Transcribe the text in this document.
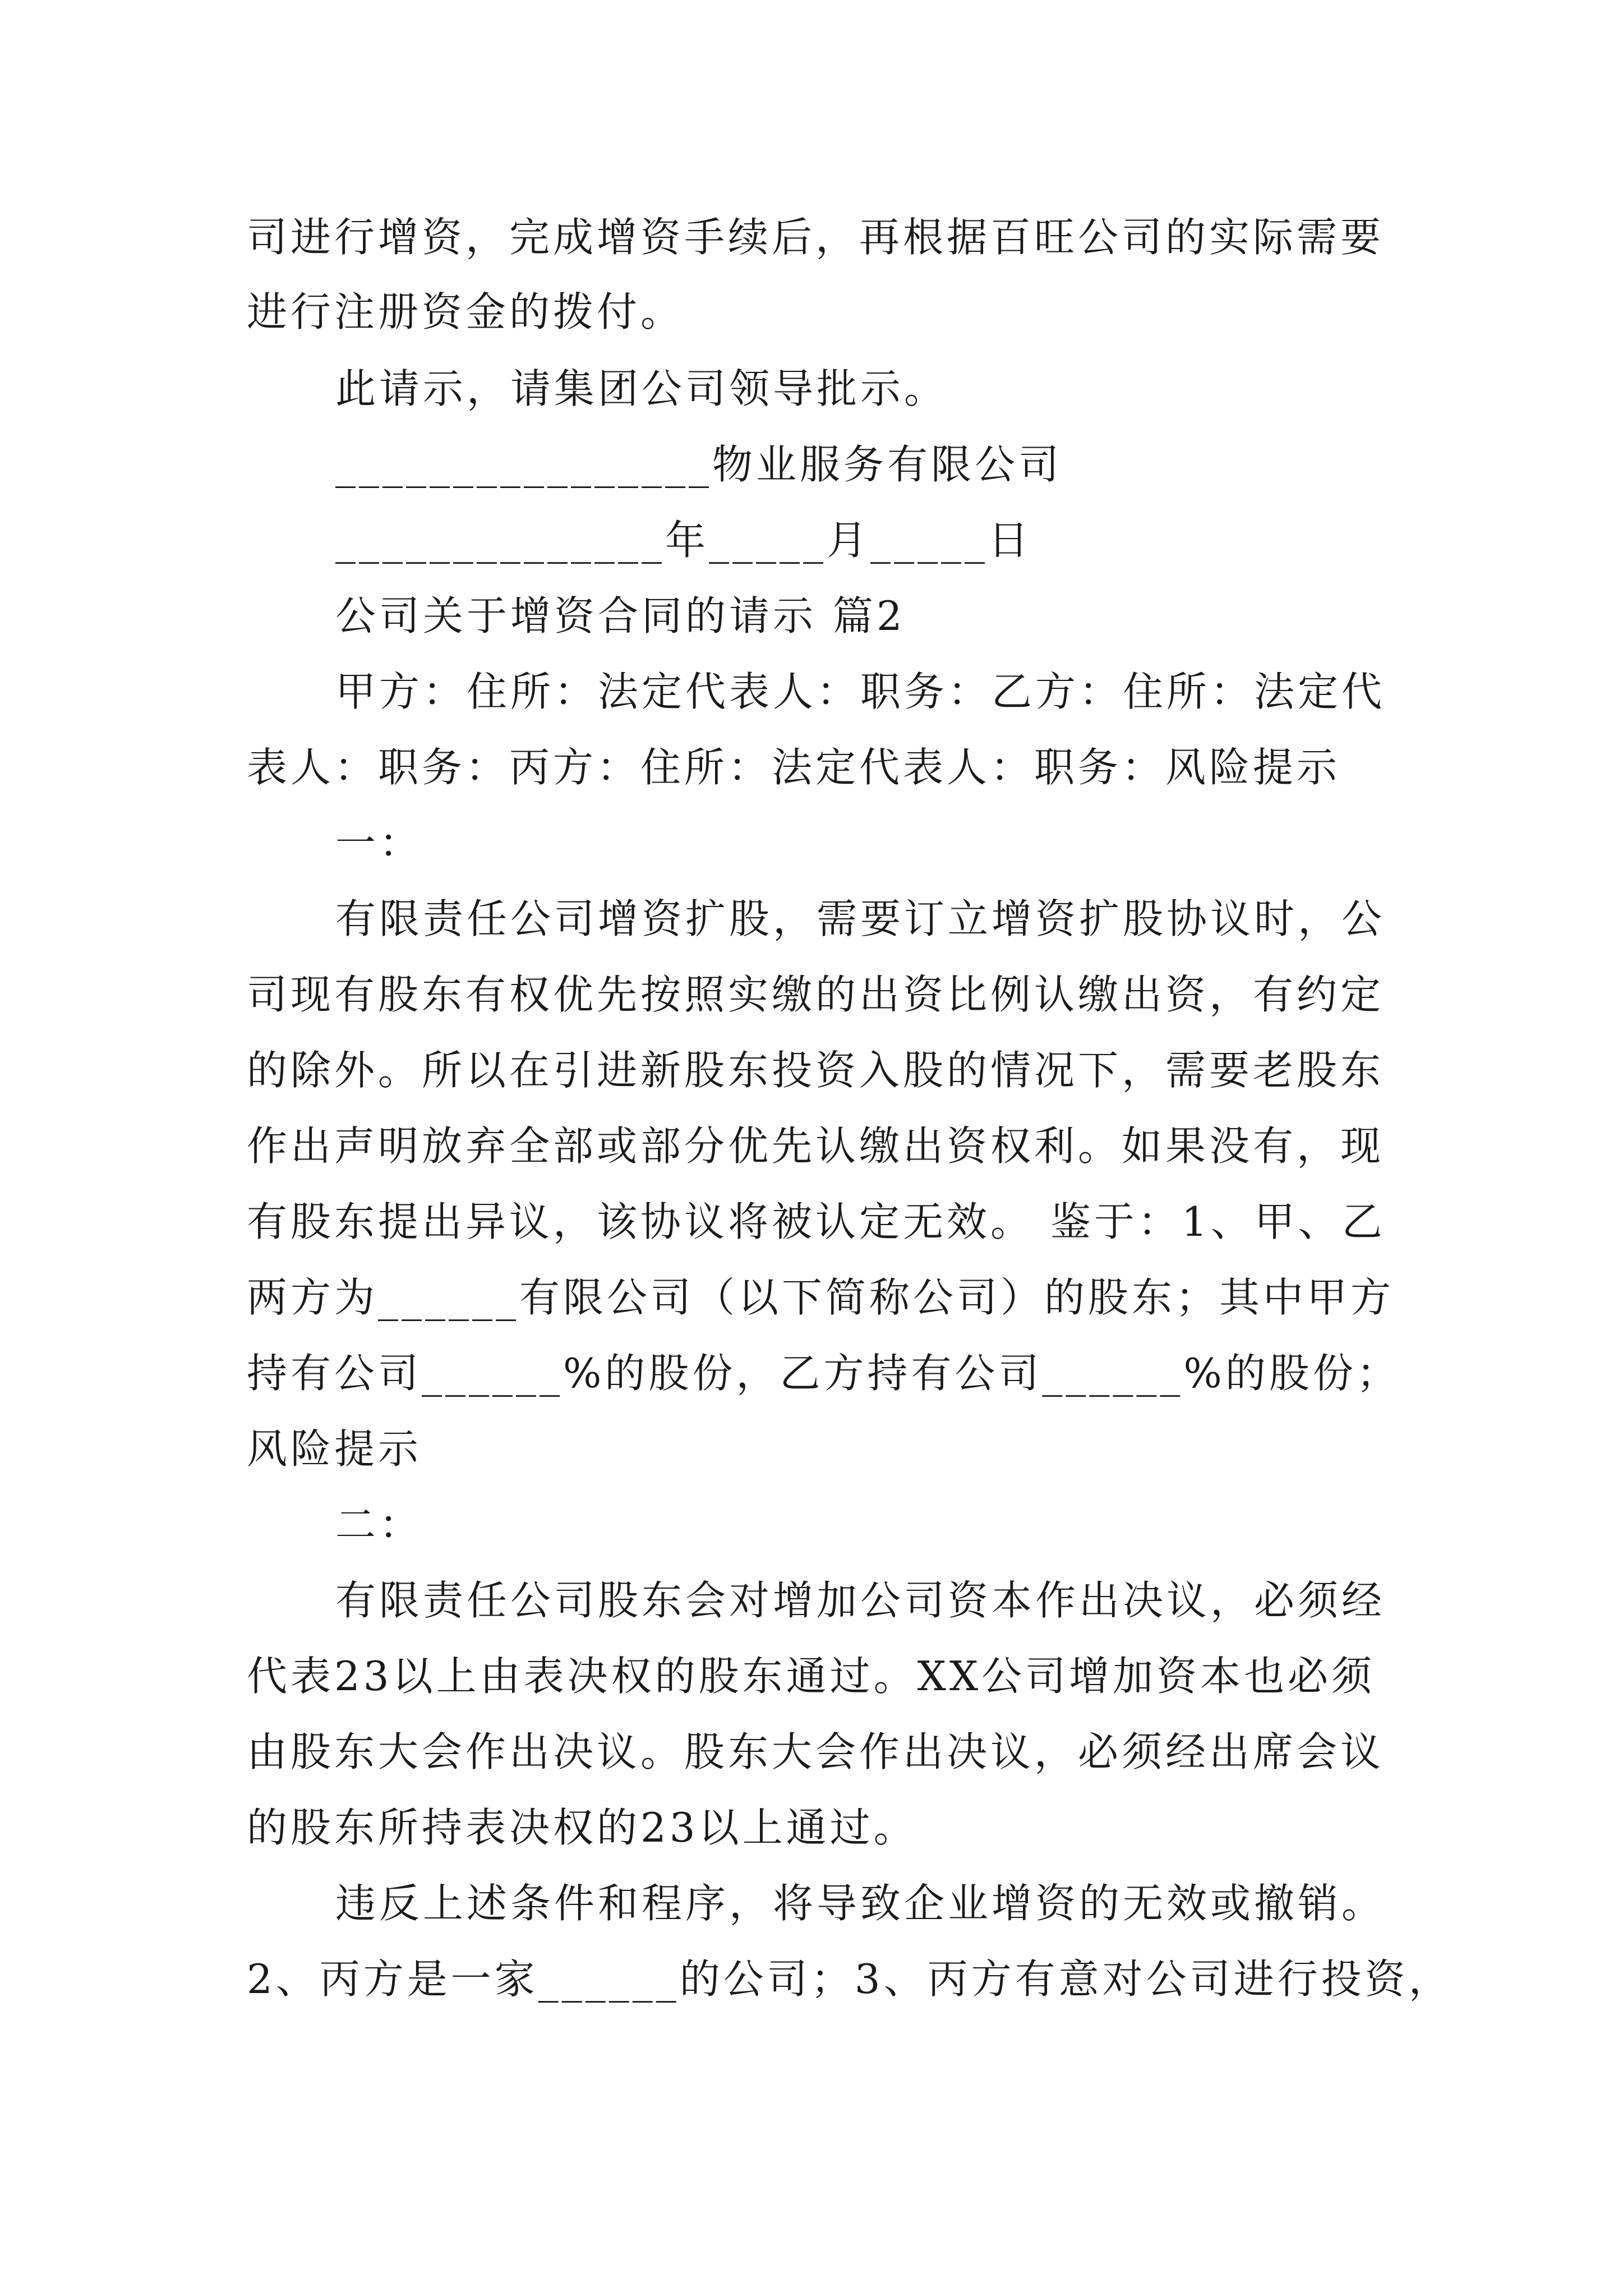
司进行增资，完成增资手续后，再根据百旺公司的实际需要
进行注册资金的拨付。
此请示，请集团公司领导批示。
________________物业服务有限公司
______________年_____月_____日
公司关于增资合同的请示 篇2
甲方：住所：法定代表人：职务：乙方：住所：法定代
表人：职务：丙方：住所：法定代表人：职务：风险提示
一：
有限责任公司增资扩股，需要订立增资扩股协议时，公
司现有股东有权优先按照实缴的出资比例认缴出资，有约定
的除外。所以在引进新股东投资入股的情况下，需要老股东
作出声明放弃全部或部分优先认缴出资权利。如果没有，现
有股东提出异议，该协议将被认定无效。 鉴于：1、甲、乙
两方为______有限公司（以下简称公司）的股东；其中甲方
持有公司______%的股份，乙方持有公司______%的股份；
风险提示
二：
有限责任公司股东会对增加公司资本作出决议，必须经
代表23以上由表决权的股东通过。XX公司增加资本也必须
由股东大会作出决议。股东大会作出决议，必须经出席会议
的股东所持表决权的23以上通过。
违反上述条件和程序，将导致企业增资的无效或撤销。
2、丙方是一家______的公司；3、丙方有意对公司进行投资，
